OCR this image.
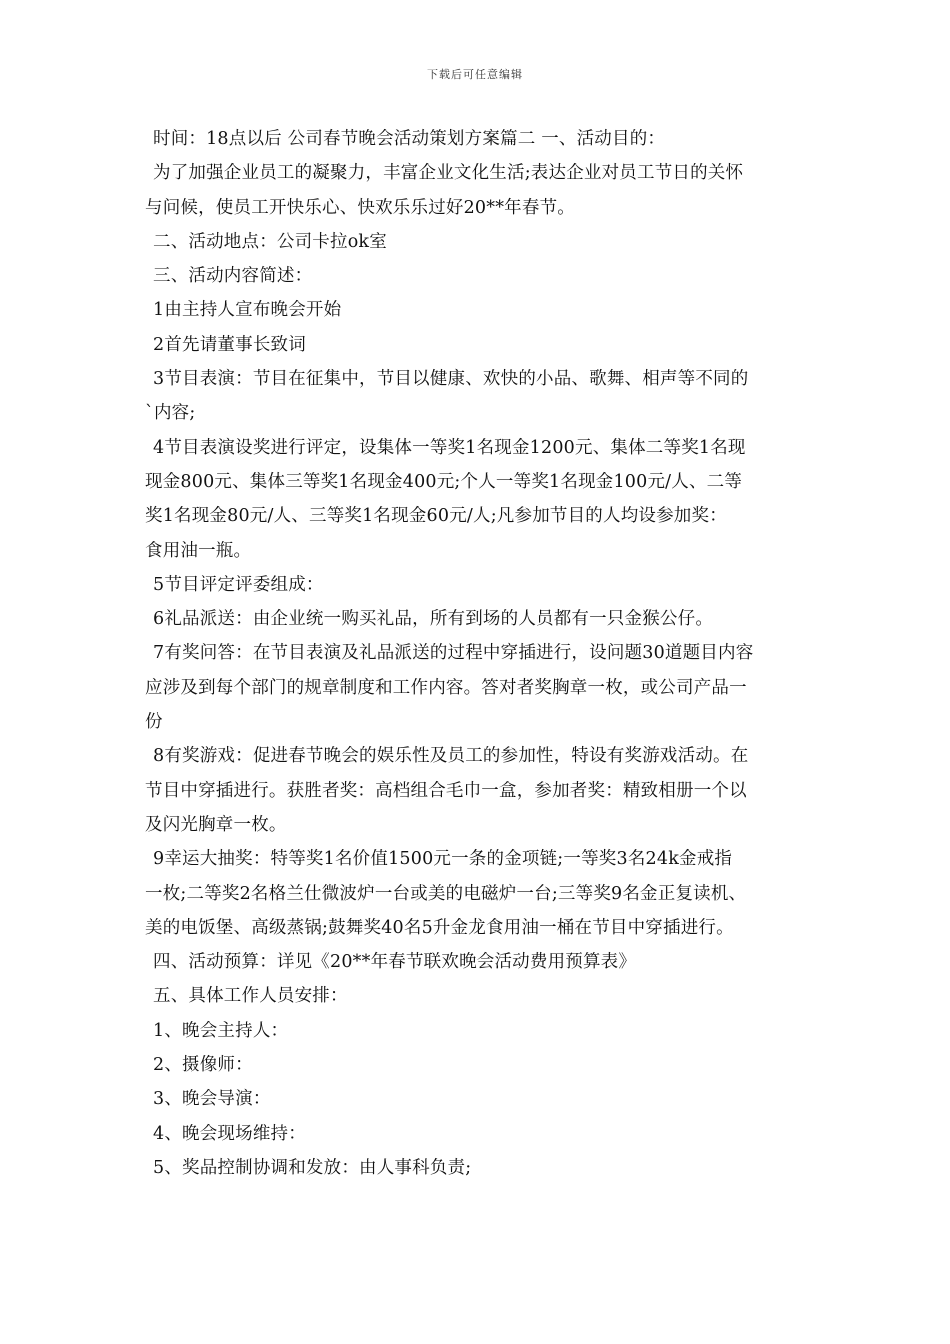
下载后可任意编辑
时间：18点以后 公司春节晚会活动策划方案篇二 一、活动目的：
为了加强企业员工的凝聚力，丰富企业文化生活;表达企业对员工节日的关怀
与问候，使员工开快乐心、快欢乐乐过好20**年春节。
二、活动地点：公司卡拉ok室
三、活动内容简述：
1由主持人宣布晚会开始
2首先请董事长致词
3节目表演：节目在征集中，节目以健康、欢快的小品、歌舞、相声等不同的
`内容;
4节目表演设奖进行评定，设集体一等奖1名现金1200元、集体二等奖1名现
现金800元、集体三等奖1名现金400元;个人一等奖1名现金100元/人、二等
奖1名现金80元/人、三等奖1名现金60元/人;凡参加节目的人均设参加奖：
食用油一瓶。
5节目评定评委组成：
6礼品派送：由企业统一购买礼品，所有到场的人员都有一只金猴公仔。
7有奖问答：在节目表演及礼品派送的过程中穿插进行，设问题30道题目内容
应涉及到每个部门的规章制度和工作内容。答对者奖胸章一枚，或公司产品一
份
8有奖游戏：促进春节晚会的娱乐性及员工的参加性，特设有奖游戏活动。在
节目中穿插进行。获胜者奖：高档组合毛巾一盒，参加者奖：精致相册一个以
及闪光胸章一枚。
9幸运大抽奖：特等奖1名价值1500元一条的金项链;一等奖3名24k金戒指
一枚;二等奖2名格兰仕微波炉一台或美的电磁炉一台;三等奖9名金正复读机、
美的电饭堡、高级蒸锅;鼓舞奖40名5升金龙食用油一桶在节目中穿插进行。
四、活动预算：详见《20**年春节联欢晚会活动费用预算表》
五、具体工作人员安排：
1、晚会主持人：
2、摄像师：
3、晚会导演：
4、晚会现场维持：
5、奖品控制协调和发放：由人事科负责;
